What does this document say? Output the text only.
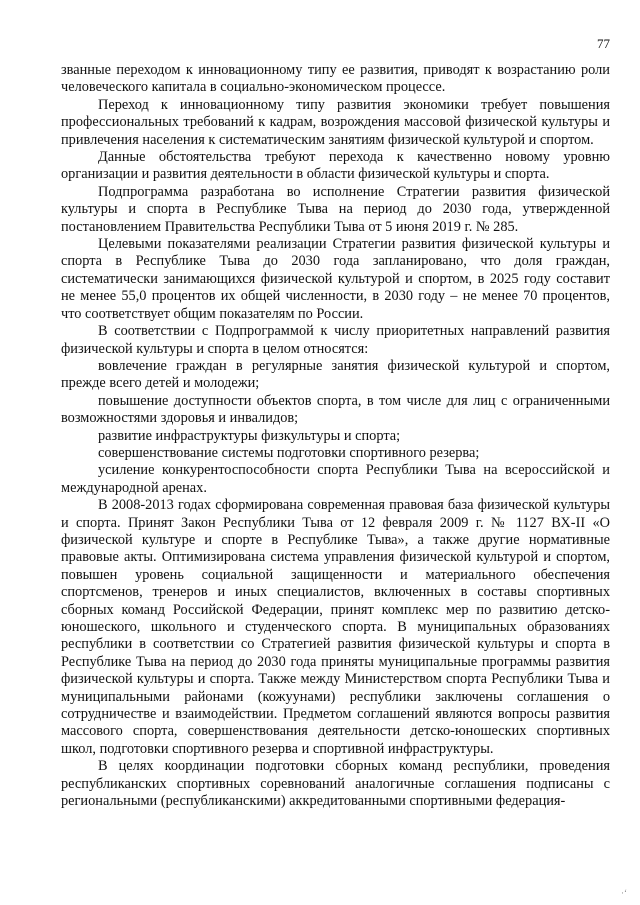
77

званные переходом к инновационному типу ее развития, приводят к возрастанию роли человеческого капитала в социально-экономическом процессе.

Переход к инновационному типу развития экономики требует повышения профессиональных требований к кадрам, возрождения массовой физической культуры и привлечения населения к систематическим занятиям физической культурой и спортом.

Данные обстоятельства требуют перехода к качественно новому уровню организации и развития деятельности в области физической культуры и спорта.

Подпрограмма разработана во исполнение Стратегии развития физической культуры и спорта в Республике Тыва на период до 2030 года, утвержденной постановлением Правительства Республики Тыва от 5 июня 2019 г. № 285.

Целевыми показателями реализации Стратегии развития физической культуры и спорта в Республике Тыва до 2030 года запланировано, что доля граждан, систематически занимающихся физической культурой и спортом, в 2025 году составит не менее 55,0 процентов их общей численности, в 2030 году – не менее 70 процентов, что соответствует общим показателям по России.

В соответствии с Подпрограммой к числу приоритетных направлений развития физической культуры и спорта в целом относятся:

вовлечение граждан в регулярные занятия физической культурой и спортом, прежде всего детей и молодежи;

повышение доступности объектов спорта, в том числе для лиц с ограниченными возможностями здоровья и инвалидов;

развитие инфраструктуры физкультуры и спорта;

совершенствование системы подготовки спортивного резерва;

усиление конкурентоспособности спорта Республики Тыва на всероссийской и международной аренах.

В 2008-2013 годах сформирована современная правовая база физической культуры и спорта. Принят Закон Республики Тыва от 12 февраля 2009 г. № 1127 ВХ-II «О физической культуре и спорте в Республике Тыва», а также другие нормативные правовые акты. Оптимизирована система управления физической культурой и спортом, повышен уровень социальной защищенности и материального обеспечения спортсменов, тренеров и иных специалистов, включенных в составы спортивных сборных команд Российской Федерации, принят комплекс мер по развитию детско-юношеского, школьного и студенческого спорта. В муниципальных образованиях республики в соответствии со Стратегией развития физической культуры и спорта в Республике Тыва на период до 2030 года приняты муниципальные программы развития физической культуры и спорта. Также между Министерством спорта Республики Тыва и муниципальными районами (кожуунами) республики заключены соглашения о сотрудничестве и взаимодействии. Предметом соглашений являются вопросы развития массового спорта, совершенствования деятельности детско-юношеских спортивных школ, подготовки спортивного резерва и спортивной инфраструктуры.

В целях координации подготовки сборных команд республики, проведения республиканских спортивных соревнований аналогичные соглашения подписаны с региональными (республиканскими) аккредитованными спортивными федерация-

·ʻ
